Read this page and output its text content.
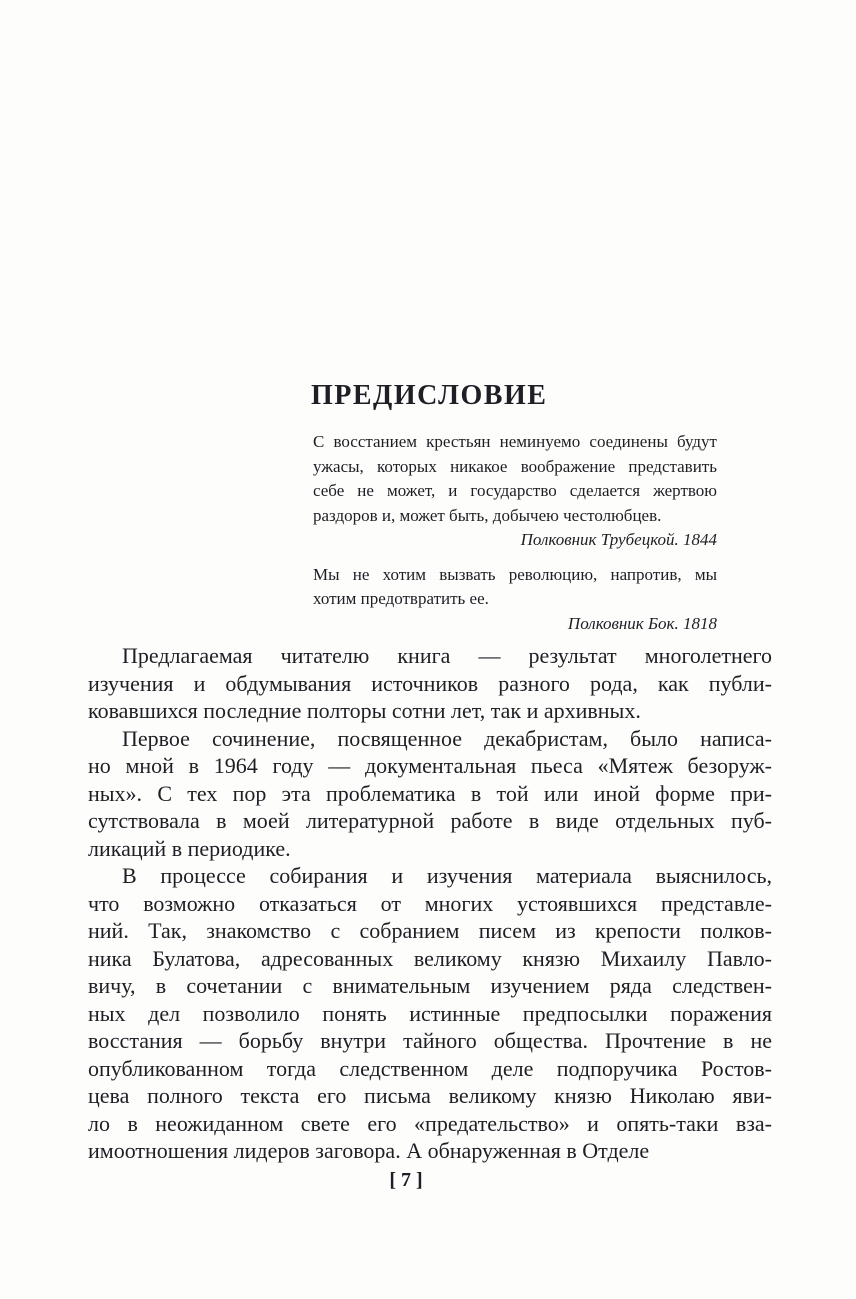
ПРЕДИСЛОВИЕ
С восстанием крестьян неминуемо соединены будут
ужасы, которых никакое воображение представить
себе не может, и государство сделается жертвою
раздоров и, может быть, добычею честолюбцев.
Полковник Трубецкой. 1844
Мы не хотим вызвать революцию, напротив, мы
хотим предотвратить ее.
Полковник Бок. 1818
Предлагаемая читателю книга — результат многолетнего
изучения и обдумывания источников разного рода, как публи-
ковавшихся последние полторы сотни лет, так и архивных.
Первое сочинение, посвященное декабристам, было написа-
но мной в 1964 году — документальная пьеса «Мятеж безоруж-
ных». С тех пор эта проблематика в той или иной форме при-
сутствовала в моей литературной работе в виде отдельных пуб-
ликаций в периодике.
В процессе собирания и изучения материала выяснилось,
что возможно отказаться от многих устоявшихся представле-
ний. Так, знакомство с собранием писем из крепости полков-
ника Булатова, адресованных великому князю Михаилу Павло-
вичу, в сочетании с внимательным изучением ряда следствен-
ных дел позволило понять истинные предпосылки поражения
восстания — борьбу внутри тайного общества. Прочтение в не
опубликованном тогда следственном деле подпоручика Ростов-
цева полного текста его письма великому князю Николаю яви-
ло в неожиданном свете его «предательство» и опять-таки вза-
имоотношения лидеров заговора. А обнаруженная в Отделе
[ 7 ]
